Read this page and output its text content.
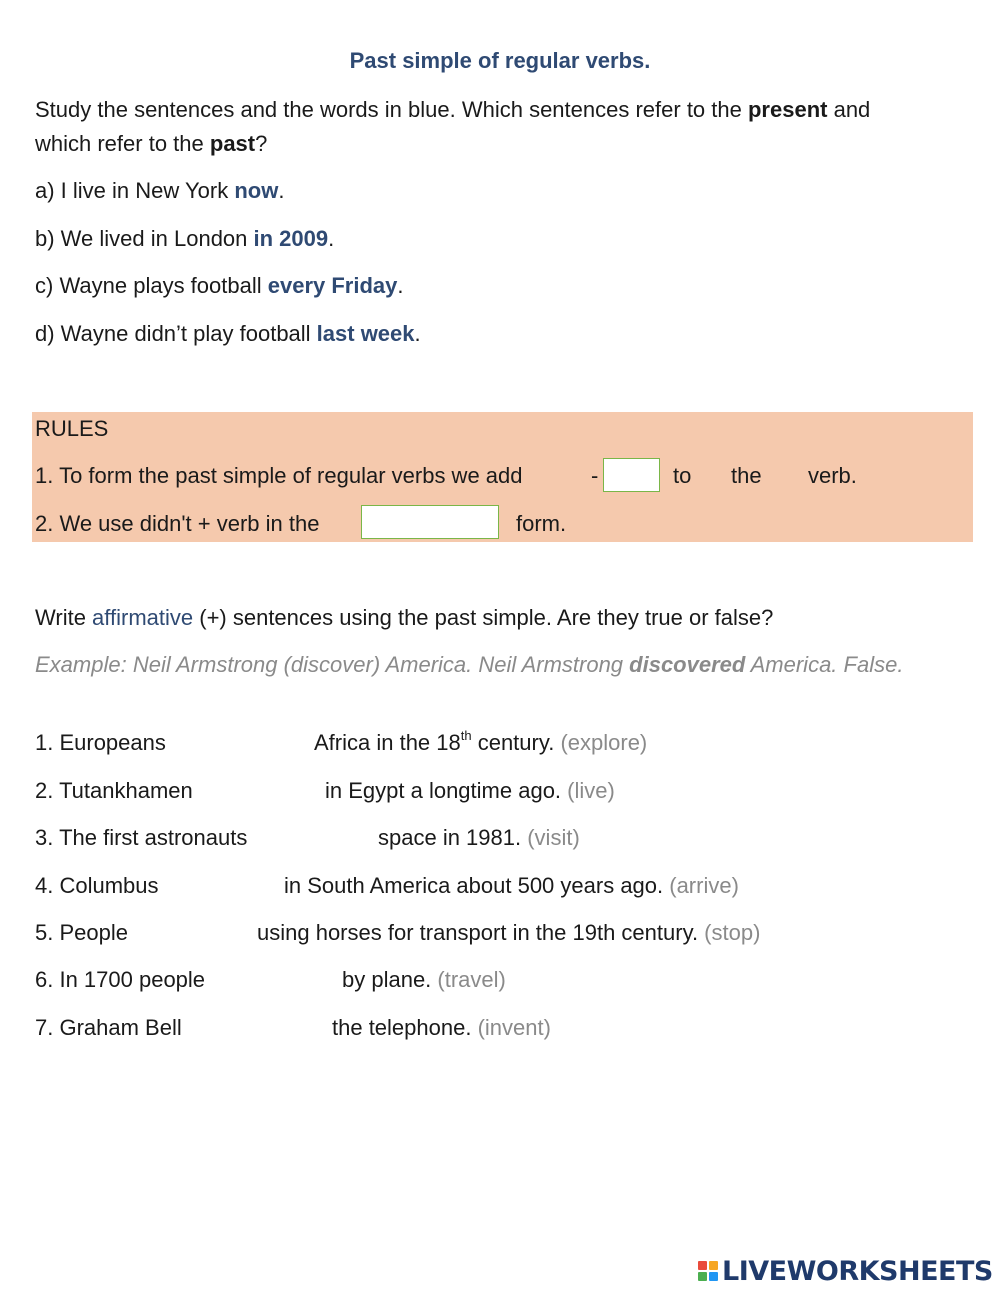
Past simple of regular verbs.
Study the sentences and the words in blue. Which sentences refer to the present and
which refer to the past?
a) I live in New York now.
b) We lived in London in 2009.
c) Wayne plays football every Friday.
d) Wayne didn’t play football last week.
RULES
1. To form the past simple of regular verbs we add	-	to the verb.
2. We use didn't + verb in the	form.
Write affirmative (+) sentences using the past simple. Are they true or false?
Example: Neil Armstrong (discover) America. Neil Armstrong discovered America. False.
1. Europeans	Africa in the 18th century. (explore)
2. Tutankhamen	in Egypt a longtime ago. (live)
3. The first astronauts	space in 1981. (visit)
4. Columbus	in South America about 500 years ago. (arrive)
5. People	using horses for transport in the 19th century. (stop)
6. In 1700 people	by plane. (travel)
7. Graham Bell	the telephone. (invent)
LIVEWORKSHEETS
